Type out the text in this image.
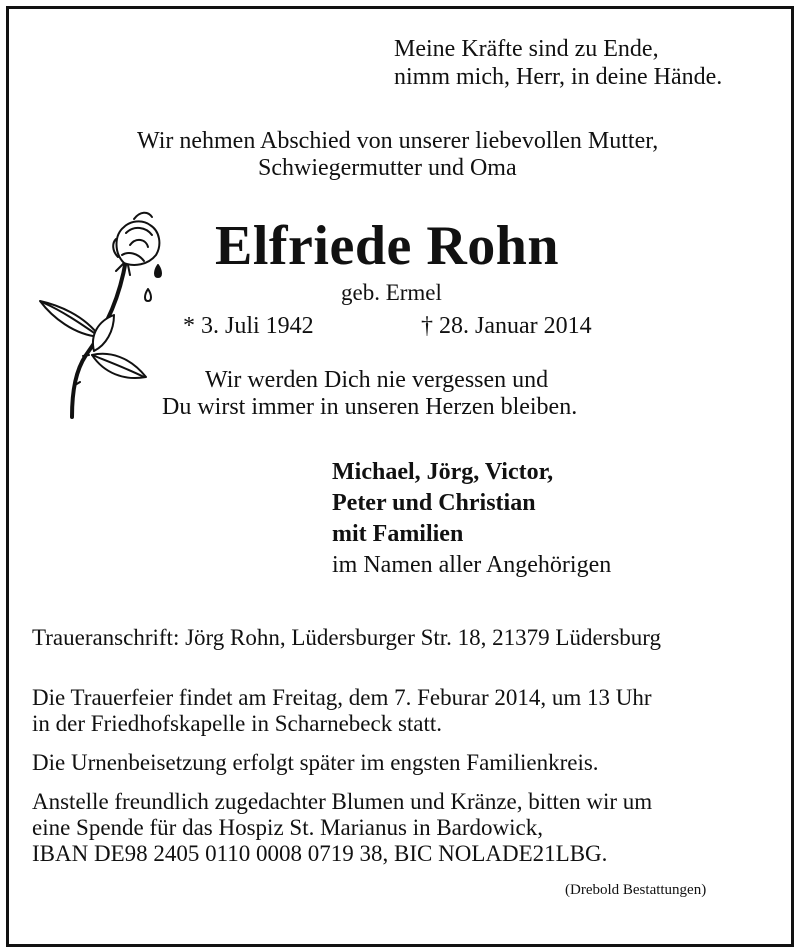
Meine Kräfte sind zu Ende,
nimm mich, Herr, in deine Hände.
Wir nehmen Abschied von unserer liebevollen Mutter,
Schwiegermutter und Oma
Elfriede Rohn
geb. Ermel
* 3. Juli 1942	† 28. Januar 2014
Wir werden Dich nie vergessen und
Du wirst immer in unseren Herzen bleiben.
Michael, Jörg, Victor,
Peter und Christian
mit Familien
im Namen aller Angehörigen
Traueranschrift: Jörg Rohn, Lüdersburger Str. 18, 21379 Lüdersburg
Die Trauerfeier findet am Freitag, dem 7. Feburar 2014, um 13 Uhr
in der Friedhofskapelle in Scharnebeck statt.
Die Urnenbeisetzung erfolgt später im engsten Familienkreis.
Anstelle freundlich zugedachter Blumen und Kränze, bitten wir um
eine Spende für das Hospiz St. Marianus in Bardowick,
IBAN DE98 2405 0110 0008 0719 38, BIC NOLADE21LBG.
(Drebold Bestattungen)
